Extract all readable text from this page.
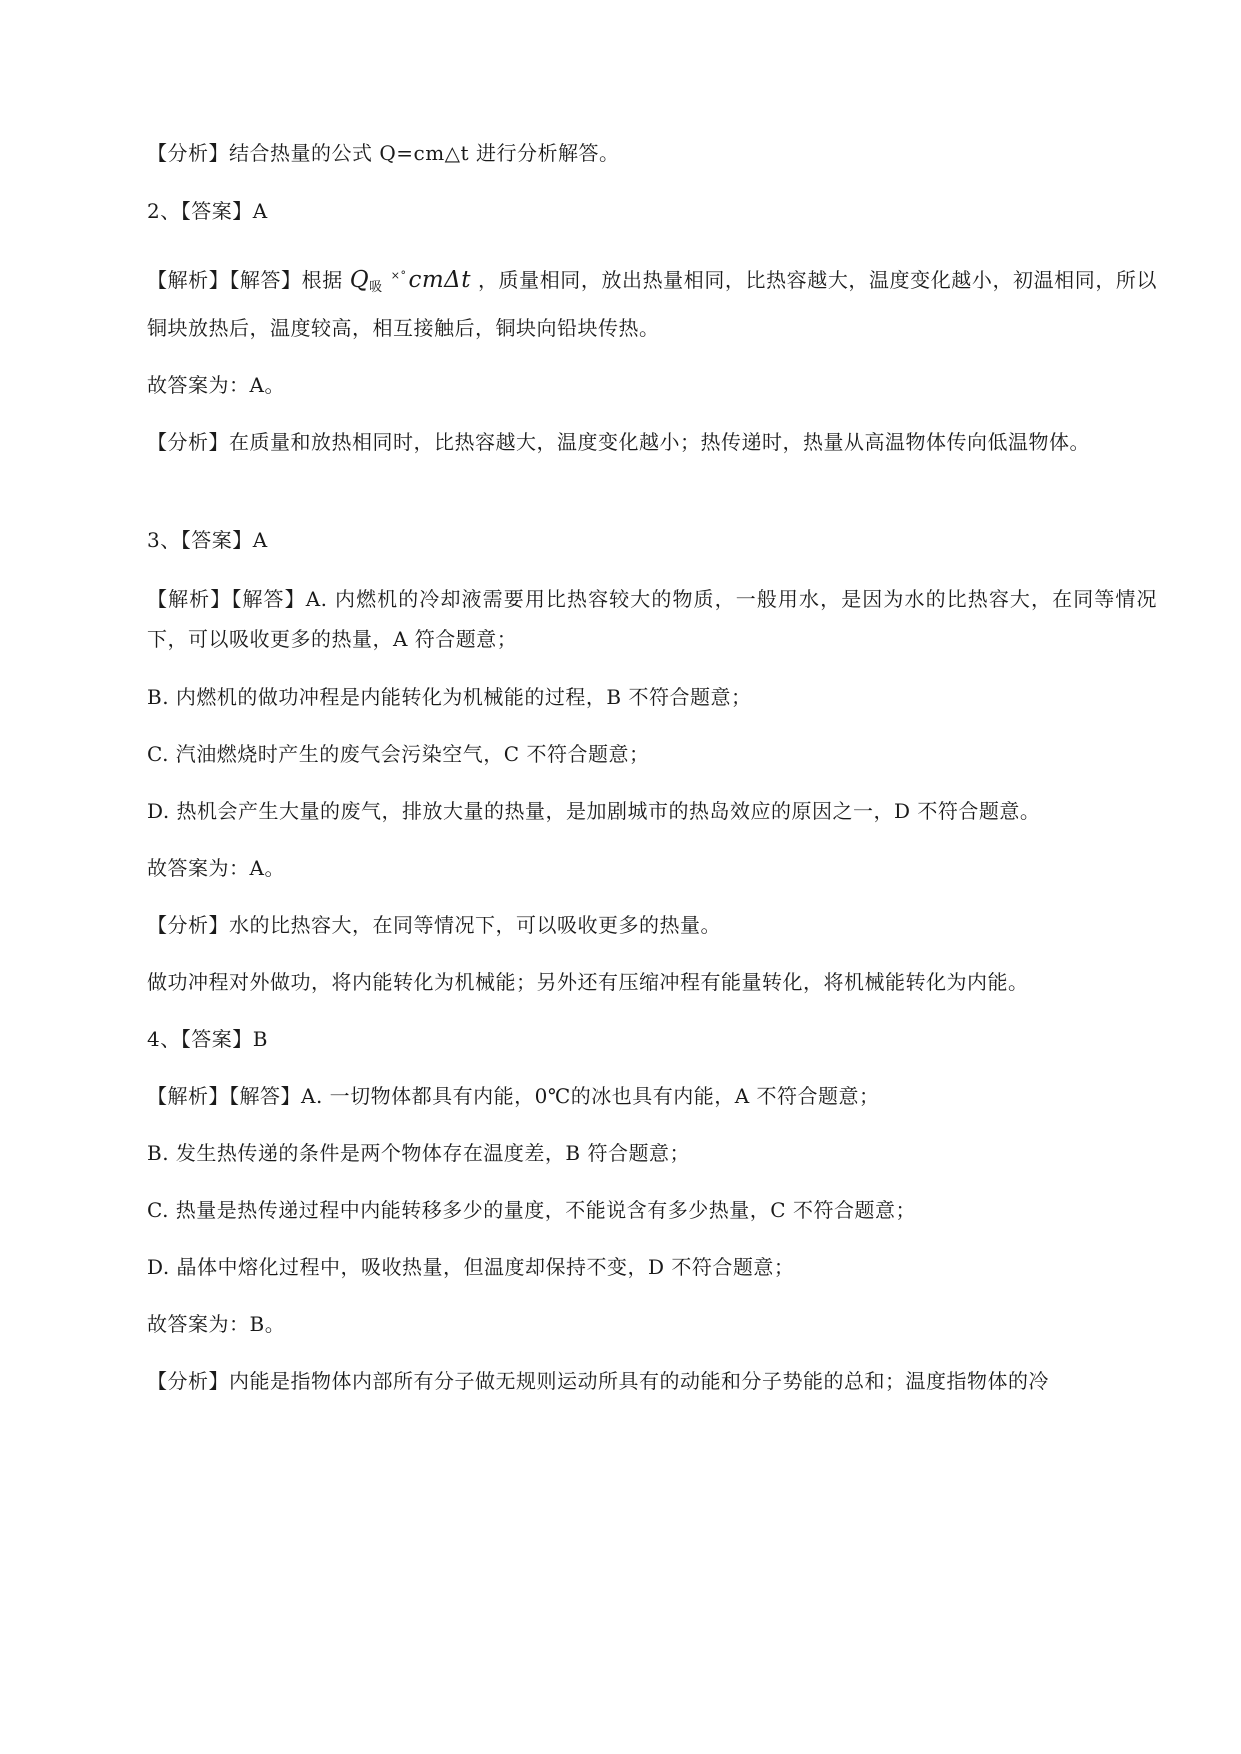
【分析】结合热量的公式 Q=cm△t 进行分析解答。
2、【答案】A
【解析】【解答】根据 $Q_吸^{\times^\circ}cm\Delta t$ ，质量相同，放出热量相同，比热容越大，温度变化越小，初温相同，所以铜块放热后，温度较高，相互接触后，铜块向铅块传热。
故答案为：A。
【分析】在质量和放热相同时，比热容越大，温度变化越小；热传递时，热量从高温物体传向低温物体。
3、【答案】A
【解析】【解答】A. 内燃机的冷却液需要用比热容较大的物质，一般用水，是因为水的比热容大，在同等情况下，可以吸收更多的热量，A 符合题意；
B. 内燃机的做功冲程是内能转化为机械能的过程，B 不符合题意；
C. 汽油燃烧时产生的废气会污染空气，C 不符合题意；
D. 热机会产生大量的废气，排放大量的热量，是加剧城市的热岛效应的原因之一，D 不符合题意。
故答案为：A。
【分析】水的比热容大，在同等情况下，可以吸收更多的热量。
做功冲程对外做功，将内能转化为机械能；另外还有压缩冲程有能量转化，将机械能转化为内能。
4、【答案】B
【解析】【解答】A. 一切物体都具有内能，0℃的冰也具有内能，A 不符合题意；
B. 发生热传递的条件是两个物体存在温度差，B 符合题意；
C. 热量是热传递过程中内能转移多少的量度，不能说含有多少热量，C 不符合题意；
D. 晶体中熔化过程中，吸收热量，但温度却保持不变，D 不符合题意；
故答案为：B。
【分析】内能是指物体内部所有分子做无规则运动所具有的动能和分子势能的总和；温度指物体的冷
